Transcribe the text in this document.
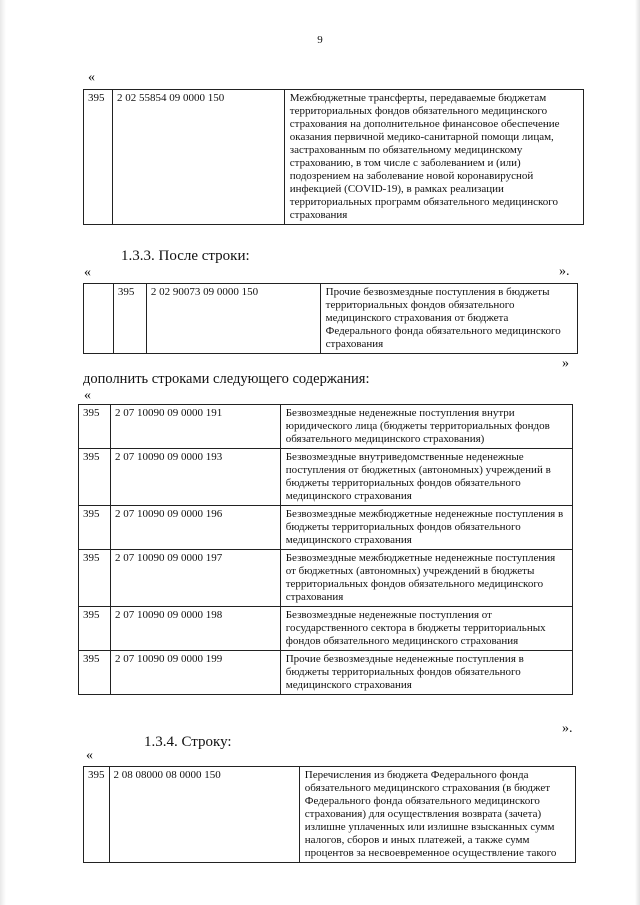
9
«
395	2 02 55854 09 0000 150	Межбюджетные трансферты, передаваемые бюджетам территориальных фондов обязательного медицинского страхования на дополнительное финансовое обеспечение оказания первичной медико-санитарной помощи лицам, застрахованным по обязательному медицинскому страхованию, в том числе с заболеванием и (или) подозрением на заболевание новой коронавирусной инфекцией (COVID-19), в рамках реализации территориальных программ обязательного медицинского страхования
».
1.3.3. После строки:
«
	395	2 02 90073 09 0000 150	Прочие безвозмездные поступления в бюджеты территориальных фондов обязательного медицинского страхования от бюджета Федерального фонда обязательного медицинского страхования
»
дополнить строками следующего содержания:
«
395	2 07 10090 09 0000 191	Безвозмездные неденежные поступления внутри юридического лица (бюджеты территориальных фондов обязательного медицинского страхования)
395	2 07 10090 09 0000 193	Безвозмездные внутриведомственные неденежные поступления от бюджетных (автономных) учреждений в бюджеты территориальных фондов обязательного медицинского страхования
395	2 07 10090 09 0000 196	Безвозмездные межбюджетные неденежные поступления в бюджеты территориальных фондов обязательного медицинского страхования
395	2 07 10090 09 0000 197	Безвозмездные межбюджетные неденежные поступления от бюджетных (автономных) учреждений в бюджеты территориальных фондов обязательного медицинского страхования
395	2 07 10090 09 0000 198	Безвозмездные неденежные поступления от государственного сектора в бюджеты территориальных фондов обязательного медицинского страхования
395	2 07 10090 09 0000 199	Прочие безвозмездные неденежные поступления в бюджеты территориальных фондов обязательного медицинского страхования
».
1.3.4. Строку:
«
395	2 08 08000 08 0000 150	Перечисления из бюджета Федерального фонда обязательного медицинского страхования (в бюджет Федерального фонда обязательного медицинского страхования) для осуществления возврата (зачета) излишне уплаченных или излишне взысканных сумм налогов, сборов и иных платежей, а также сумм процентов за несвоевременное осуществление такого
